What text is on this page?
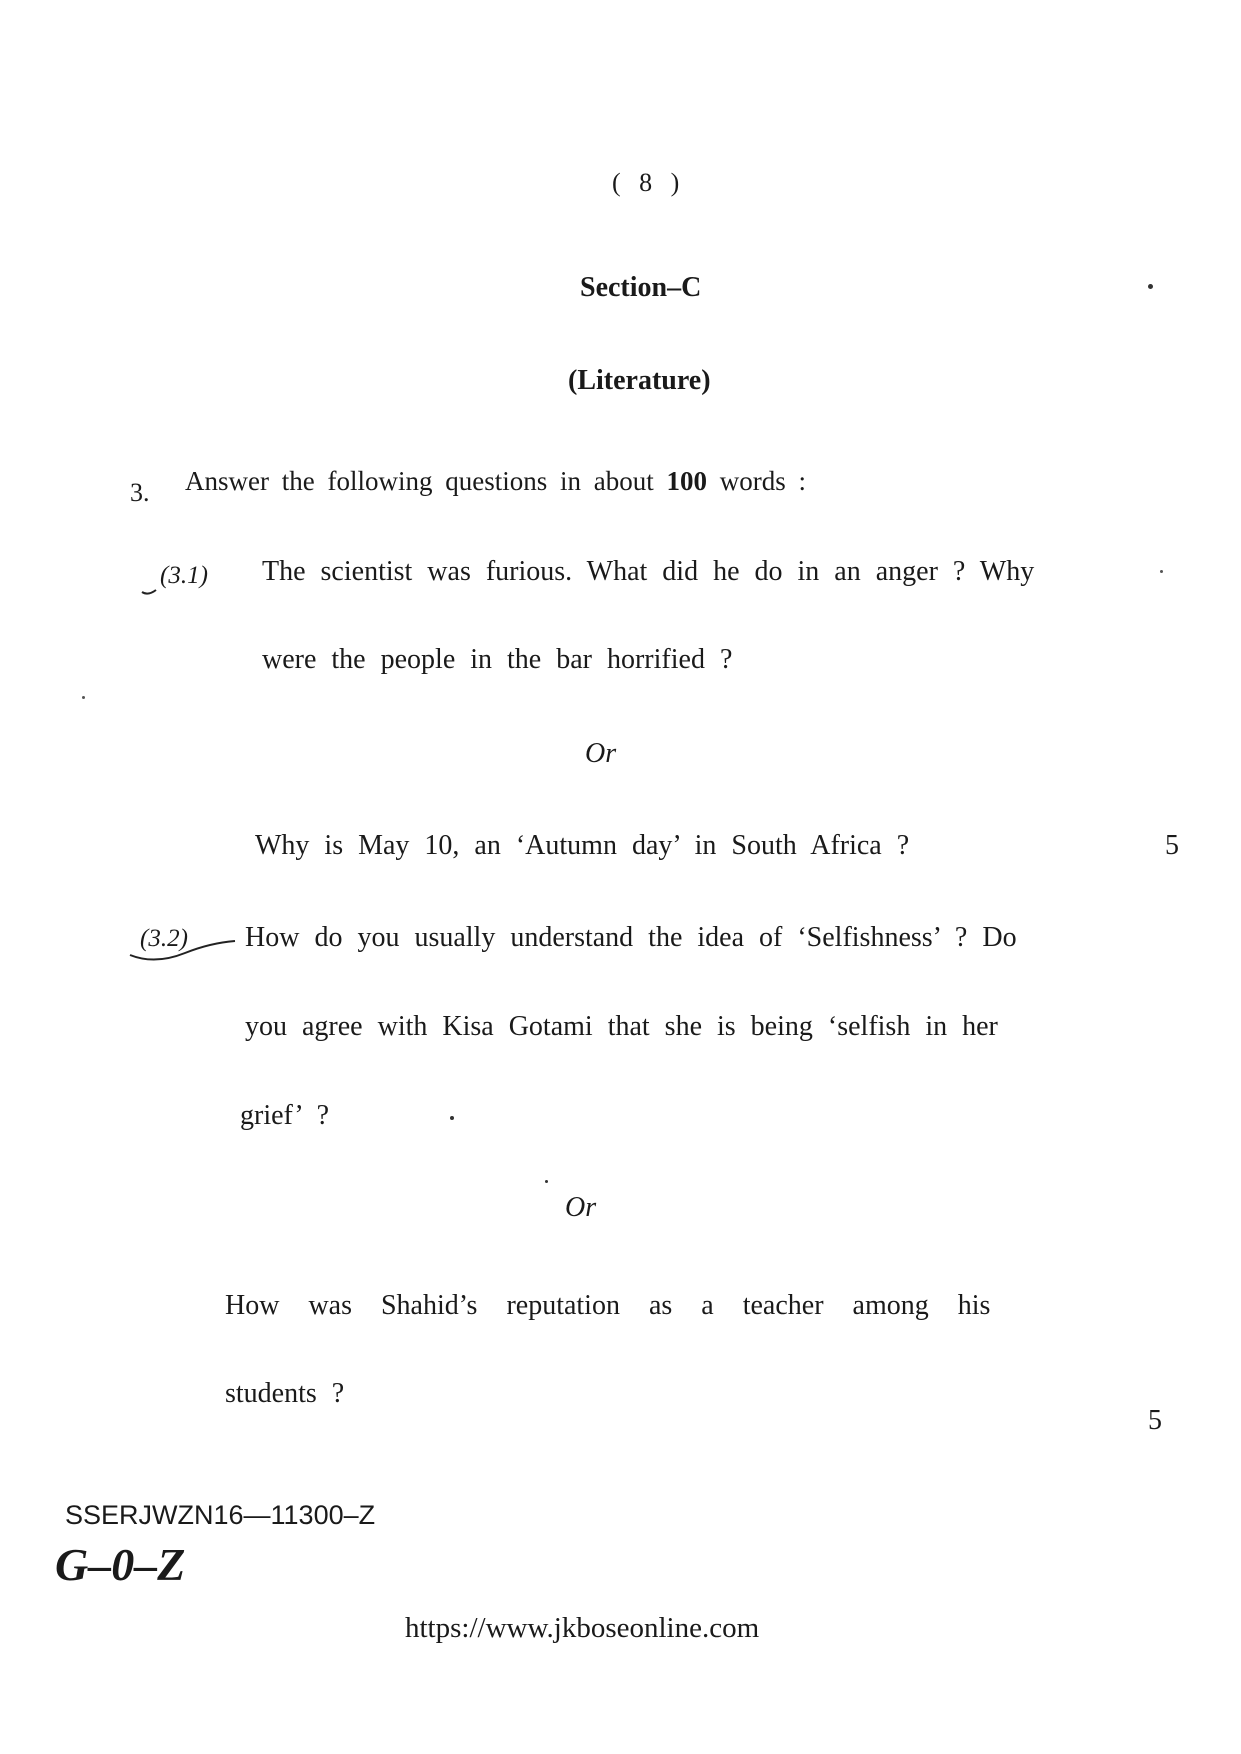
( 8 )
Section–C
(Literature)
3. Answer the following questions in about 100 words :
(3.1) The scientist was furious. What did he do in an anger ? Why
were the people in the bar horrified ?
Or
Why is May 10, an ‘Autumn day’ in South Africa ?	5
(3.2) How do you usually understand the idea of ‘Selfishness’ ? Do
you agree with Kisa Gotami that she is being ‘selfish in her
grief’ ?
Or
How was Shahid’s reputation as a teacher among his
students ?
5
SSERJWZN16—11300–Z
G–0–Z
https://www.jkboseonline.com
